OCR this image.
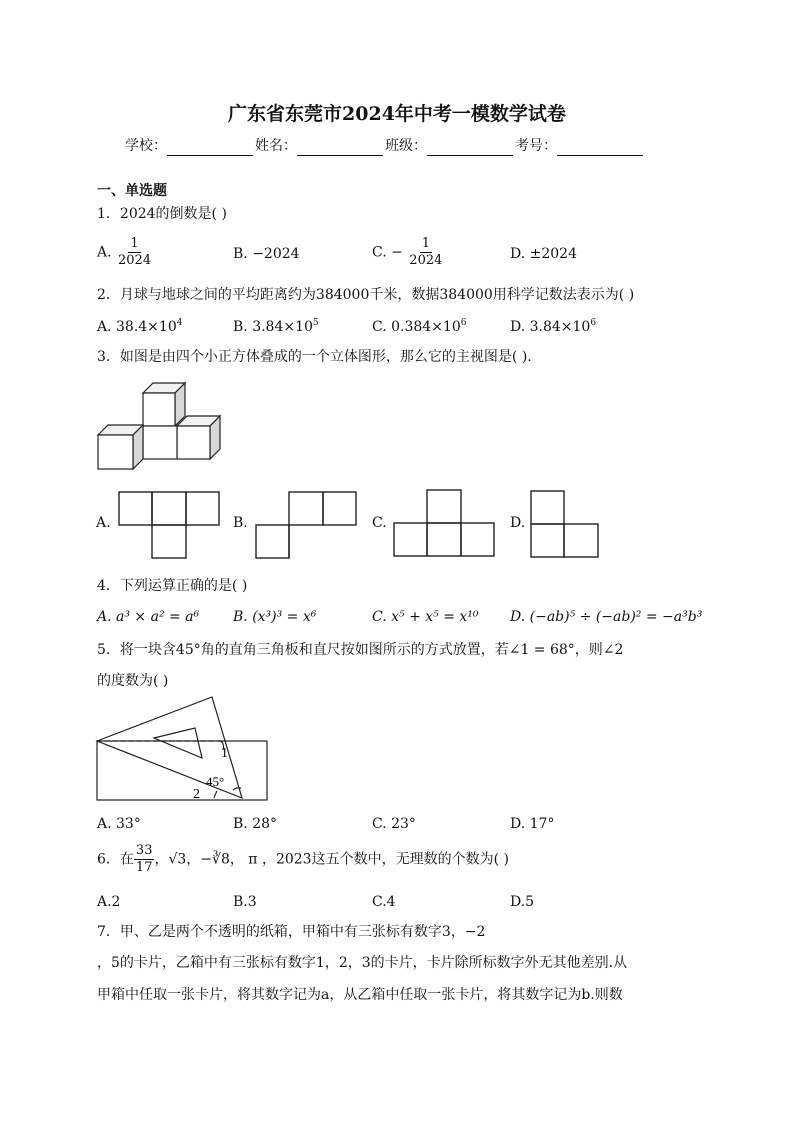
广东省东莞市2024年中考一模数学试卷
学校：	姓名：	班级：	考号：
一、单选题
1．2024的倒数是( )
A. $\frac{1}{2024}$	B. −2024	C. − $\frac{1}{2024}$	D. ±2024
2．月球与地球之间的平均距离约为384000千米，数据384000用科学记数法表示为( )
A. $38.4\times 10^4$	B. $3.84\times 10^5$	C. $0.384\times 10^6$	D. $3.84\times 10^6$
3．如图是由四个小正方体叠成的一个立体图形，那么它的主视图是( ).
A.	B.	C.	D.
4．下列运算正确的是( )
A. a³ × a² = a⁶ B. (x³)³ = x⁶	C. x⁵ + x⁵ = x¹⁰ D. (−ab)⁵ ÷ (−ab)² = −a³b³
5．将一块含45°角的直角三角板和直尺按如图所示的方式放置，若∠1 = 68°，则∠2
的度数为( )
1
45°
2
A. 33°	B. 28°	C. 23°	D. 17°
6．在 $\frac{33}{17}$ ，√3，−∛8， π ，2023这五个数中，无理数的个数为( )
A.2	B.3	C.4	D.5
7．甲、乙是两个不透明的纸箱，甲箱中有三张标有数字3，−2
，5的卡片，乙箱中有三张标有数字1，2，3的卡片，卡片除所标数字外无其他差别.从
甲箱中任取一张卡片，将其数字记为a，从乙箱中任取一张卡片，将其数字记为b.则数
